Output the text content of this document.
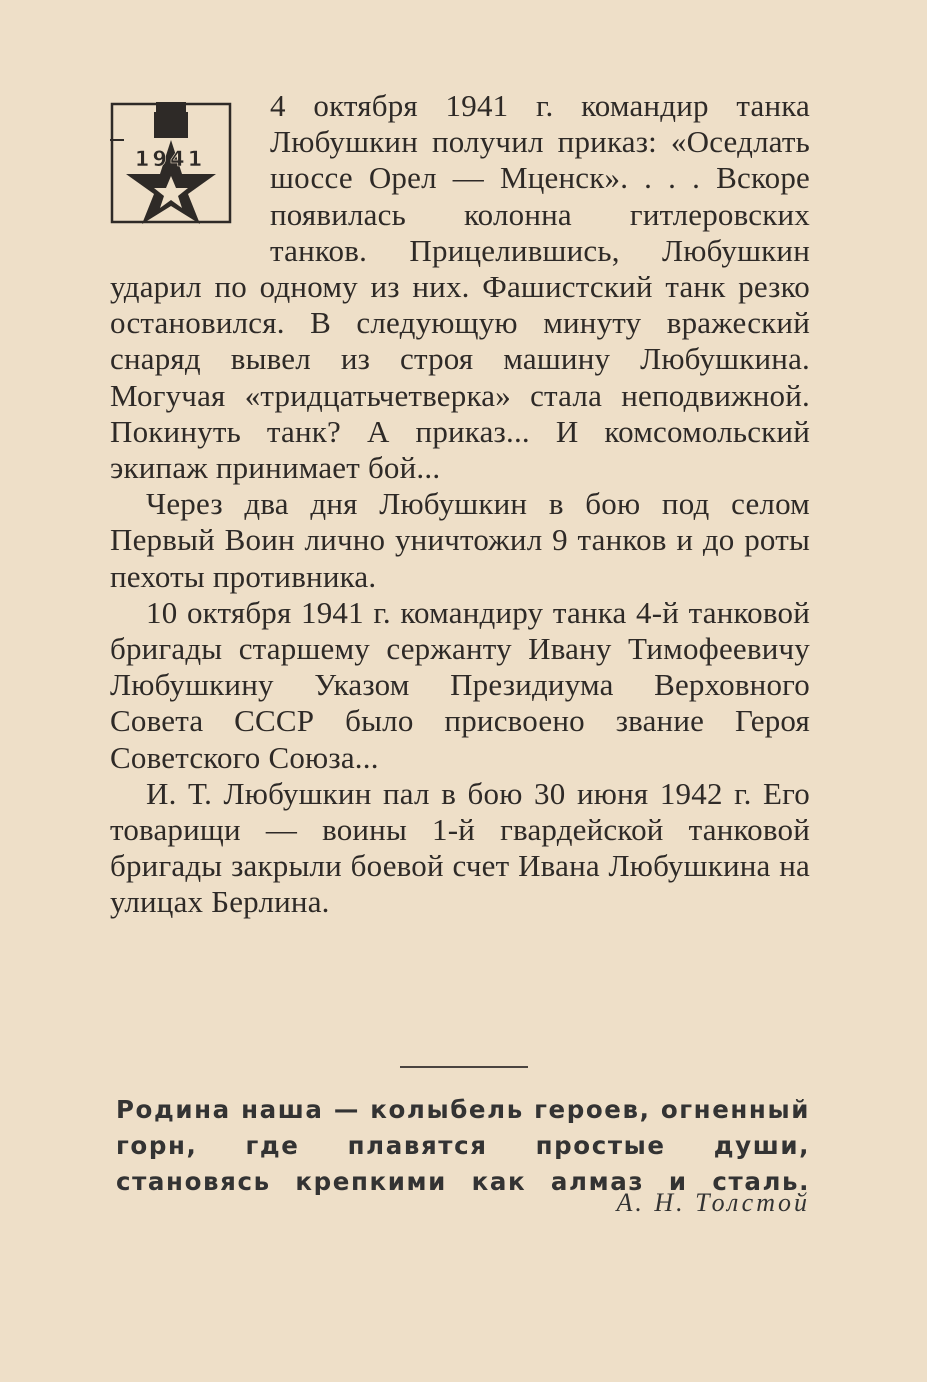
1941

4 октября 1941 г. командир танка Любушкин получил приказ: «Оседлать шоссе Орел — Мценск». . . . Вскоре появилась колонна гитлеровских танков. Прицелившись, Любушкин ударил по одному из них. Фашистский танк резко остановился. В следующую минуту вражеский снаряд вывел из строя машину Любушкина. Могучая «тридцатьчетверка» стала неподвижной. Покинуть танк? А приказ... И комсомольский экипаж принимает бой...

Через два дня Любушкин в бою под селом Первый Воин лично уничтожил 9 танков и до роты пехоты противника.

10 октября 1941 г. командиру танка 4-й танковой бригады старшему сержанту Ивану Тимофеевичу Любушкину Указом Президиума Верховного Совета СССР было присвоено звание Героя Советского Союза...

И. Т. Любушкин пал в бою 30 июня 1942 г. Его товарищи — воины 1-й гвардейской танковой бригады закрыли боевой счет Ивана Любушкина на улицах Берлина.

Родина наша — колыбель героев, огненный горн, где плавятся простые души, становясь крепкими как алмаз и сталь.
А. Н. Толстой
